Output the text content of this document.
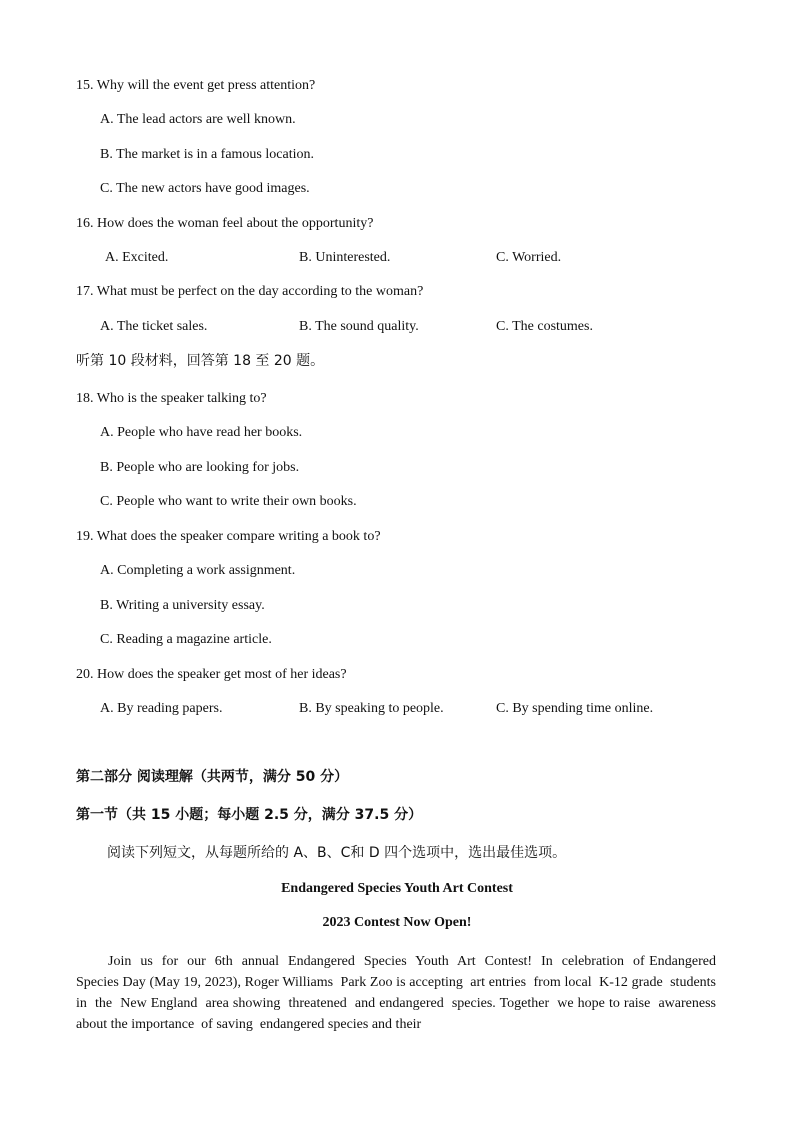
15. Why will the event get press attention?
A. The lead actors are well known.
B. The market is in a famous location.
C. The new actors have good images.
16. How does the woman feel about the opportunity?
A. Excited.	B. Uninterested.	C. Worried.
17. What must be perfect on the day according to the woman?
A. The ticket sales.	B. The sound quality.	C. The costumes.
听第 10 段材料，回答第 18 至 20 题。
18. Who is the speaker talking to?
A. People who have read her books.
B. People who are looking for jobs.
C. People who want to write their own books.
19. What does the speaker compare writing a book to?
A. Completing a work assignment.
B. Writing a university essay.
C. Reading a magazine article.
20. How does the speaker get most of her ideas?
A. By reading papers.	B. By speaking to people.	C. By spending time online.
第二部分 阅读理解（共两节，满分 50 分）
第一节（共 15 小题；每小题 2.5 分，满分 37.5 分）
阅读下列短文，从每题所给的 A、B、C和 D 四个选项中，选出最佳选项。
Endangered Species Youth Art Contest
2023 Contest Now Open!
Join  us  for  our  6th  annual  Endangered  Species  Youth  Art  Contest!  In  celebration  of Endangered  Species Day (May 19, 2023), Roger Williams  Park Zoo is accepting  art entries  from local  K-12 grade  students  in  the  New England  area showing  threatened  and endangered  species. Together  we hope to raise  awareness about the importance  of saving  endangered species and their
